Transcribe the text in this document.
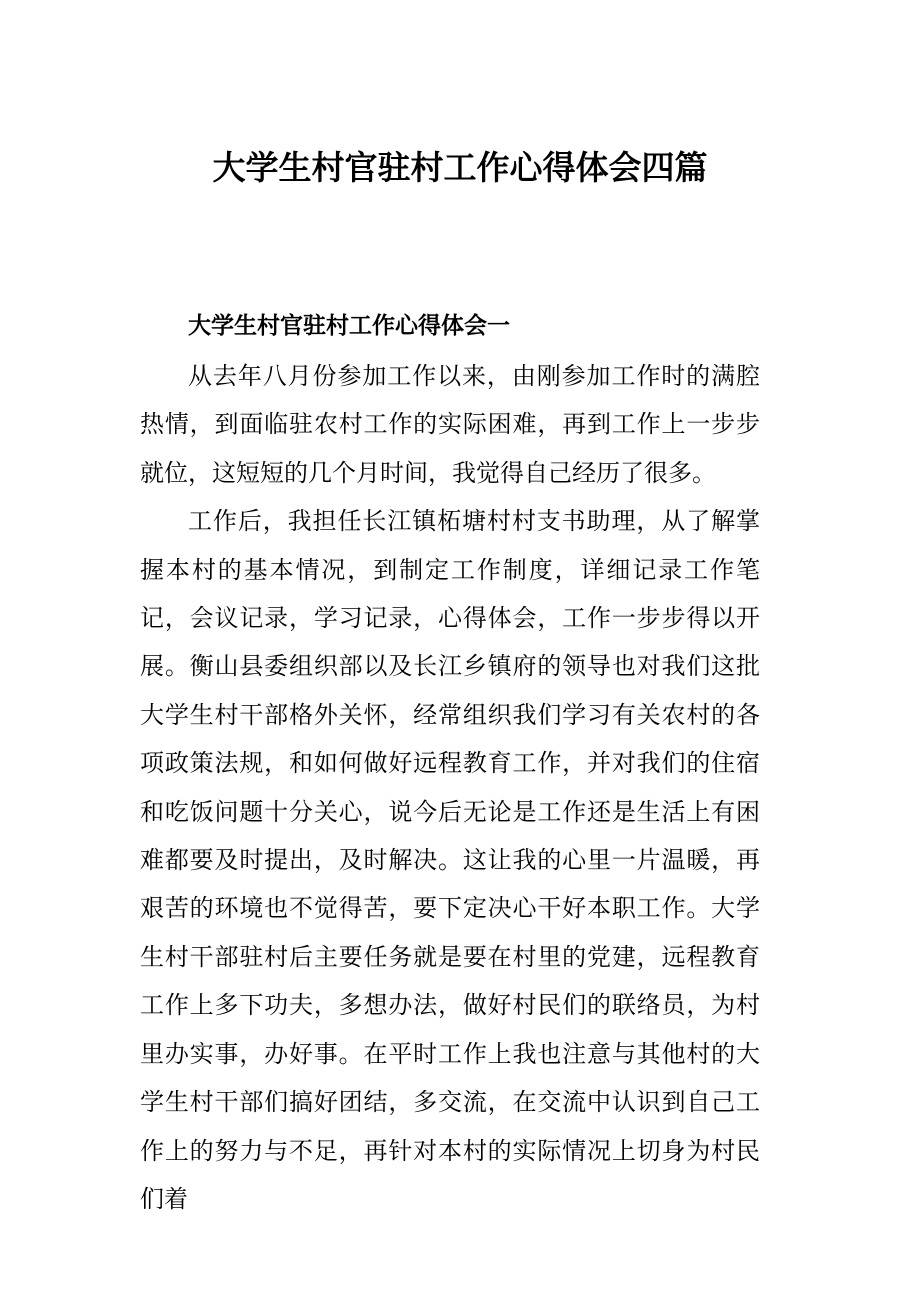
大学生村官驻村工作心得体会四篇
大学生村官驻村工作心得体会一

从去年八月份参加工作以来，由刚参加工作时的满腔热情，到面临驻农村工作的实际困难，再到工作上一步步就位，这短短的几个月时间，我觉得自己经历了很多。

工作后，我担任长江镇柘塘村村支书助理，从了解掌握本村的基本情况，到制定工作制度，详细记录工作笔记，会议记录，学习记录，心得体会，工作一步步得以开展。衡山县委组织部以及长江乡镇府的领导也对我们这批大学生村干部格外关怀，经常组织我们学习有关农村的各项政策法规，和如何做好远程教育工作，并对我们的住宿和吃饭问题十分关心，说今后无论是工作还是生活上有困难都要及时提出，及时解决。这让我的心里一片温暖，再艰苦的环境也不觉得苦，要下定决心干好本职工作。大学生村干部驻村后主要任务就是要在村里的党建，远程教育工作上多下功夫，多想办法，做好村民们的联络员，为村里办实事，办好事。在平时工作上我也注意与其他村的大学生村干部们搞好团结，多交流，在交流中认识到自己工作上的努力与不足，再针对本村的实际情况上切身为村民们着
